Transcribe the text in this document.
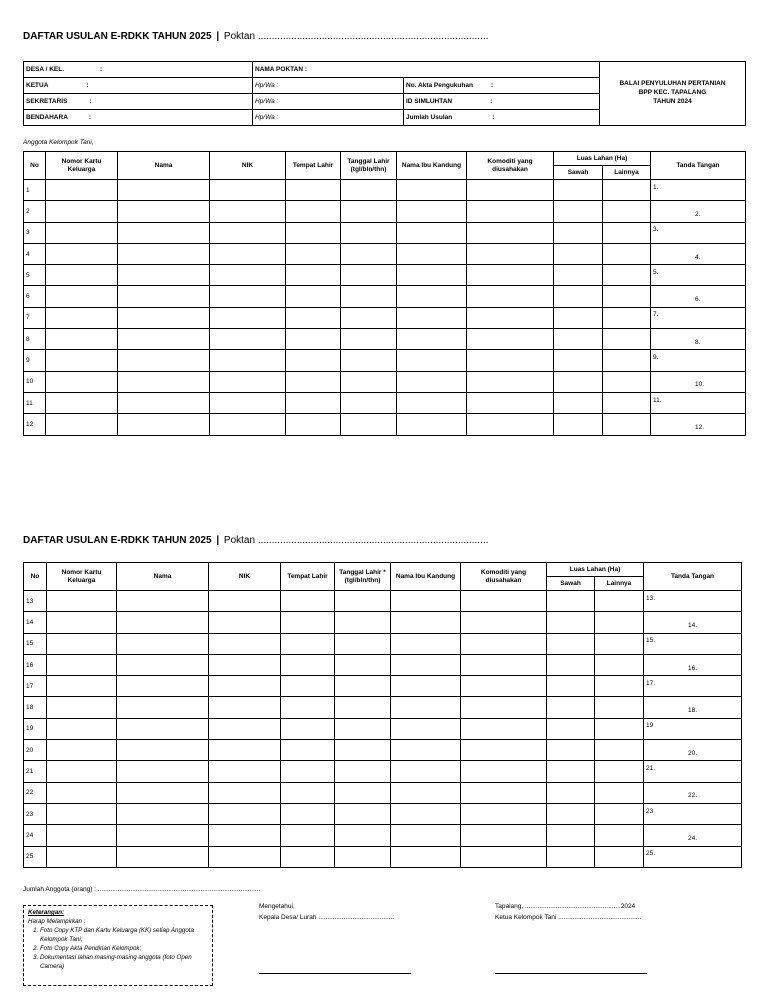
DAFTAR USULAN E-RDKK TAHUN 2025 | Poktan ...................................................................................
DESA / KEL. :	NAMA POKTAN :		BALAI PENYULUHAN PERTANIAN
BPP KEC. TAPALANG
TAHUN 2024

KETUA :	Hp/Wa :	No. Akta Pengukuhan :	
SEKRETARIS :	Hp/Wa :	ID SIMLUHTAN :	
BENDAHARA :	Hp/Wa :	Jumlah Usulan :	
Anggota Kelompok Tani,
No	Nomor Kartu Keluarga	Nama	NIK	Tempat Lahir	Tanggal Lahir (tgl/bln/thn)	Nama Ibu Kandung	Komoditi yang diusahakan	Luas Lahan (Ha)		Tanda Tangan
								Sawah	Lainnya	
1										1.

2										2.

3										3.

4										4.

5										5.

6										6.

7										7.

8										8.

9										9.

10										10.

11										11.

12										12.
DAFTAR USULAN E-RDKK TAHUN 2025 | Poktan ...................................................................................
No	Nomor Kartu Keluarga	Nama	NIK	Tempat Lahir	Tanggal Lahir *(tgl/bln/thn)	Nama Ibu Kandung	Komoditi yang diusahakan	Luas Lahan (Ha)		Tanda Tangan
								Sawah	Lainnya	
13										13.

14										14.

15										15.

16										16.

17										17.

18										18.

19										19

20										20.

21										21.

22										22.

23										23

24										24.

25										25.
Jumlah Anggota (orang) : ..........................................................................................
Keterangan:
Harap Melampirkan :
1. Foto Copy KTP dan Kartu Keluarga (KK) setiap Anggota Kelompok Tani;
2. Foto Copy Akta Pendirian Kelompok;
3. Dokumentasi lahan masing-masing anggota (foto Open Camera)
Mengetahui,
Kepala Desa/ Lurah ..........................................
Tapalang, .....................................................2024
Ketua Kelompok Tani ..............................................
